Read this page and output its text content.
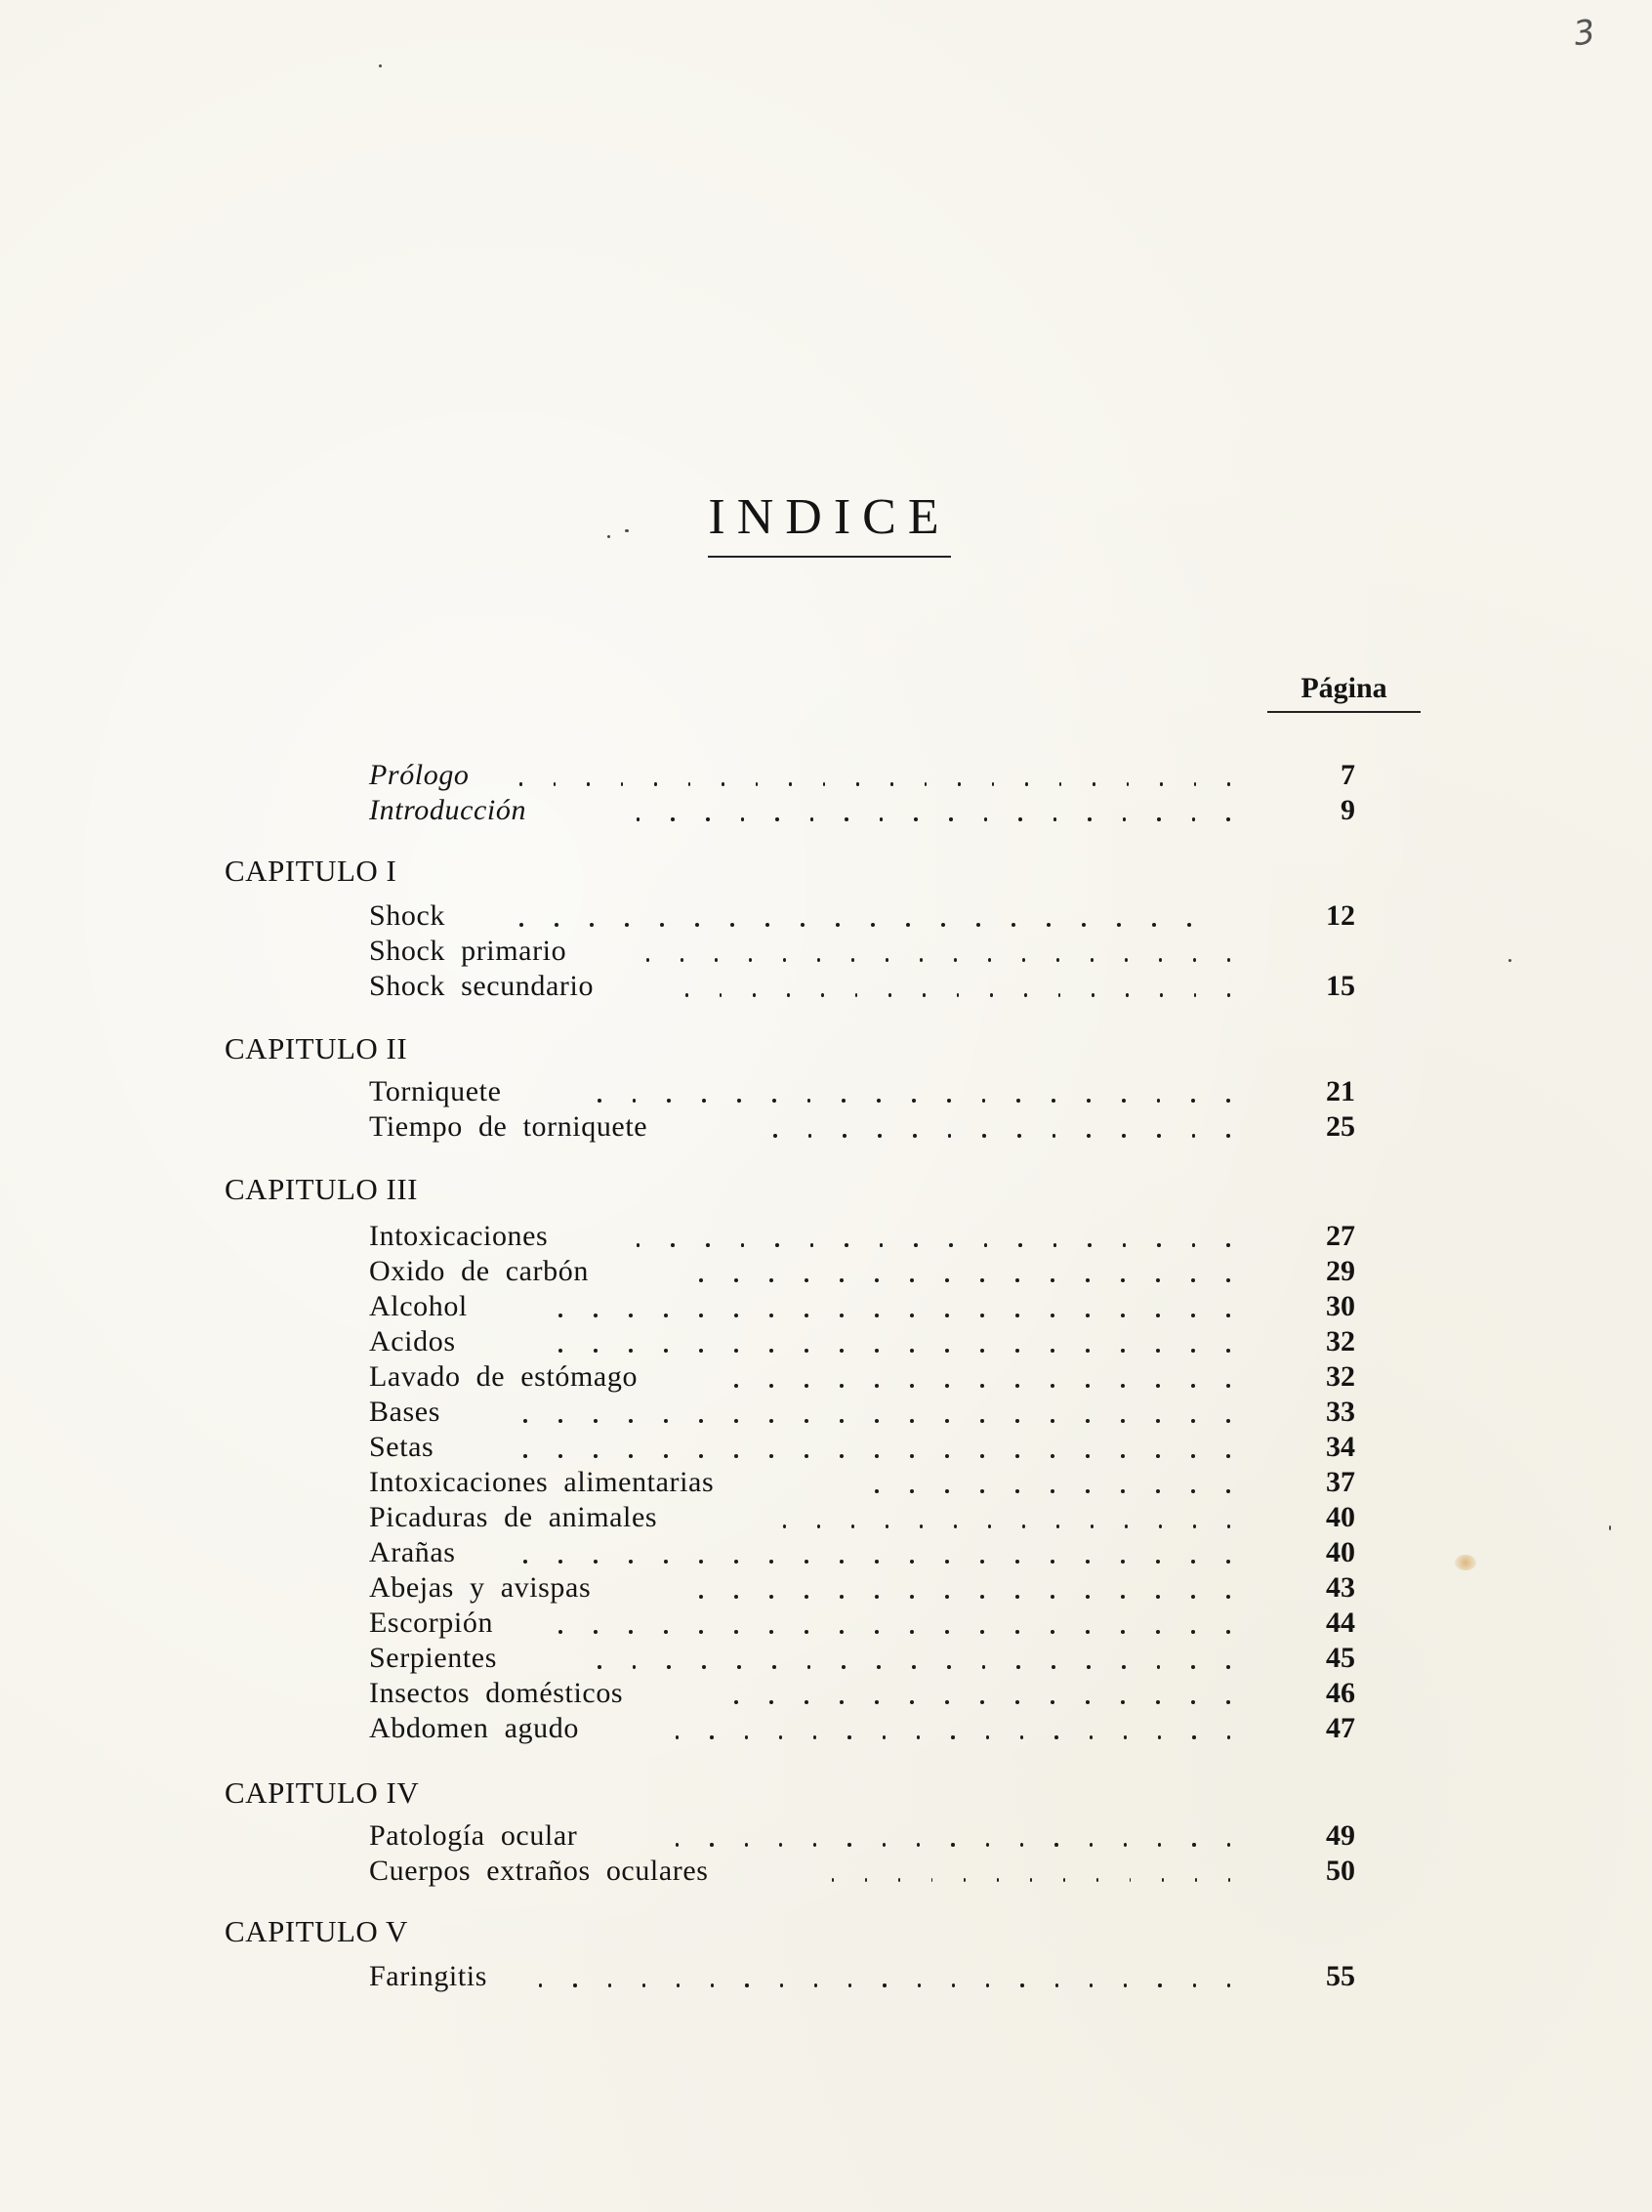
3
INDICE
Página
Prólogo	7
Introducción	9
CAPITULO I
Shock	12
Shock primario
Shock secundario	15
CAPITULO II
Torniquete	21
Tiempo de torniquete	25
CAPITULO III
Intoxicaciones	27
Oxido de carbón	29
Alcohol	30
Acidos	32
Lavado de estómago	32
Bases	33
Setas	34
Intoxicaciones alimentarias	37
Picaduras de animales	40
Arañas	40
Abejas y avispas	43
Escorpión	44
Serpientes	45
Insectos domésticos	46
Abdomen agudo	47
CAPITULO IV
Patología ocular	49
Cuerpos extraños oculares	50
CAPITULO V
Faringitis	55
